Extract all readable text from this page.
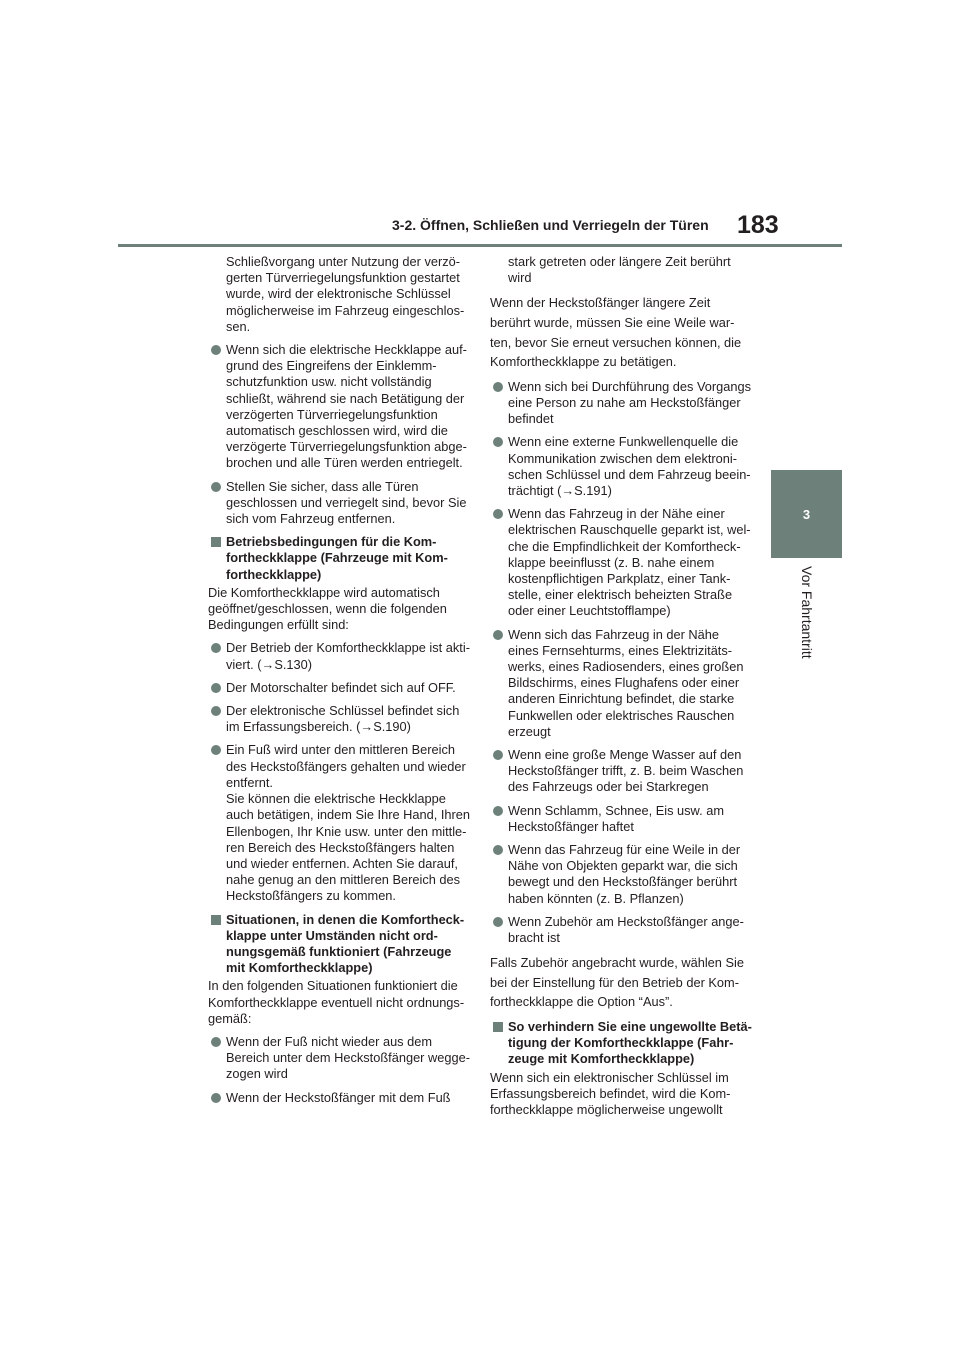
3-2. Öffnen, Schließen und Verriegeln der Türen 183
3
Vor Fahrtantritt
Schließvorgang unter Nutzung der verzö-
gerten Türverriegelungsfunktion gestartet
wurde, wird der elektronische Schlüssel
möglicherweise im Fahrzeug eingeschlos-
sen.
Wenn sich die elektrische Heckklappe auf-
grund des Eingreifens der Einklemm-
schutzfunktion usw. nicht vollständig
schließt, während sie nach Betätigung der
verzögerten Türverriegelungsfunktion
automatisch geschlossen wird, wird die
verzögerte Türverriegelungsfunktion abge-
brochen und alle Türen werden entriegelt.
Stellen Sie sicher, dass alle Türen
geschlossen und verriegelt sind, bevor Sie
sich vom Fahrzeug entfernen.
Betriebsbedingungen für die Kom-
fortheckklappe (Fahrzeuge mit Kom-
fortheckklappe)
Die Komfortheckklappe wird automatisch
geöffnet/geschlossen, wenn die folgenden
Bedingungen erfüllt sind:
Der Betrieb der Komfortheckklappe ist akti-
viert. (→S.130)
Der Motorschalter befindet sich auf OFF.
Der elektronische Schlüssel befindet sich
im Erfassungsbereich. (→S.190)
Ein Fuß wird unter den mittleren Bereich
des Heckstoßfängers gehalten und wieder
entfernt.
Sie können die elektrische Heckklappe
auch betätigen, indem Sie Ihre Hand, Ihren
Ellenbogen, Ihr Knie usw. unter den mittle-
ren Bereich des Heckstoßfängers halten
und wieder entfernen. Achten Sie darauf,
nahe genug an den mittleren Bereich des
Heckstoßfängers zu kommen.
Situationen, in denen die Komfortheck-
klappe unter Umständen nicht ord-
nungsgemäß funktioniert (Fahrzeuge
mit Komfortheckklappe)
In den folgenden Situationen funktioniert die
Komfortheckklappe eventuell nicht ordnungs-
gemäß:
Wenn der Fuß nicht wieder aus dem
Bereich unter dem Heckstoßfänger wegge-
zogen wird
Wenn der Heckstoßfänger mit dem Fuß
stark getreten oder längere Zeit berührt
wird
Wenn der Heckstoßfänger längere Zeit
berührt wurde, müssen Sie eine Weile war-
ten, bevor Sie erneut versuchen können, die
Komfortheckklappe zu betätigen.
Wenn sich bei Durchführung des Vorgangs
eine Person zu nahe am Heckstoßfänger
befindet
Wenn eine externe Funkwellenquelle die
Kommunikation zwischen dem elektroni-
schen Schlüssel und dem Fahrzeug beein-
trächtigt (→S.191)
Wenn das Fahrzeug in der Nähe einer
elektrischen Rauschquelle geparkt ist, wel-
che die Empfindlichkeit der Komfortheck-
klappe beeinflusst (z. B. nahe einem
kostenpflichtigen Parkplatz, einer Tank-
stelle, einer elektrisch beheizten Straße
oder einer Leuchtstofflampe)
Wenn sich das Fahrzeug in der Nähe
eines Fernsehturms, eines Elektrizitäts-
werks, eines Radiosenders, eines großen
Bildschirms, eines Flughafens oder einer
anderen Einrichtung befindet, die starke
Funkwellen oder elektrisches Rauschen
erzeugt
Wenn eine große Menge Wasser auf den
Heckstoßfänger trifft, z. B. beim Waschen
des Fahrzeugs oder bei Starkregen
Wenn Schlamm, Schnee, Eis usw. am
Heckstoßfänger haftet
Wenn das Fahrzeug für eine Weile in der
Nähe von Objekten geparkt war, die sich
bewegt und den Heckstoßfänger berührt
haben könnten (z. B. Pflanzen)
Wenn Zubehör am Heckstoßfänger ange-
bracht ist
Falls Zubehör angebracht wurde, wählen Sie
bei der Einstellung für den Betrieb der Kom-
fortheckklappe die Option “Aus”.
So verhindern Sie eine ungewollte Betä-
tigung der Komfortheckklappe (Fahr-
zeuge mit Komfortheckklappe)
Wenn sich ein elektronischer Schlüssel im
Erfassungsbereich befindet, wird die Kom-
fortheckklappe möglicherweise ungewollt
